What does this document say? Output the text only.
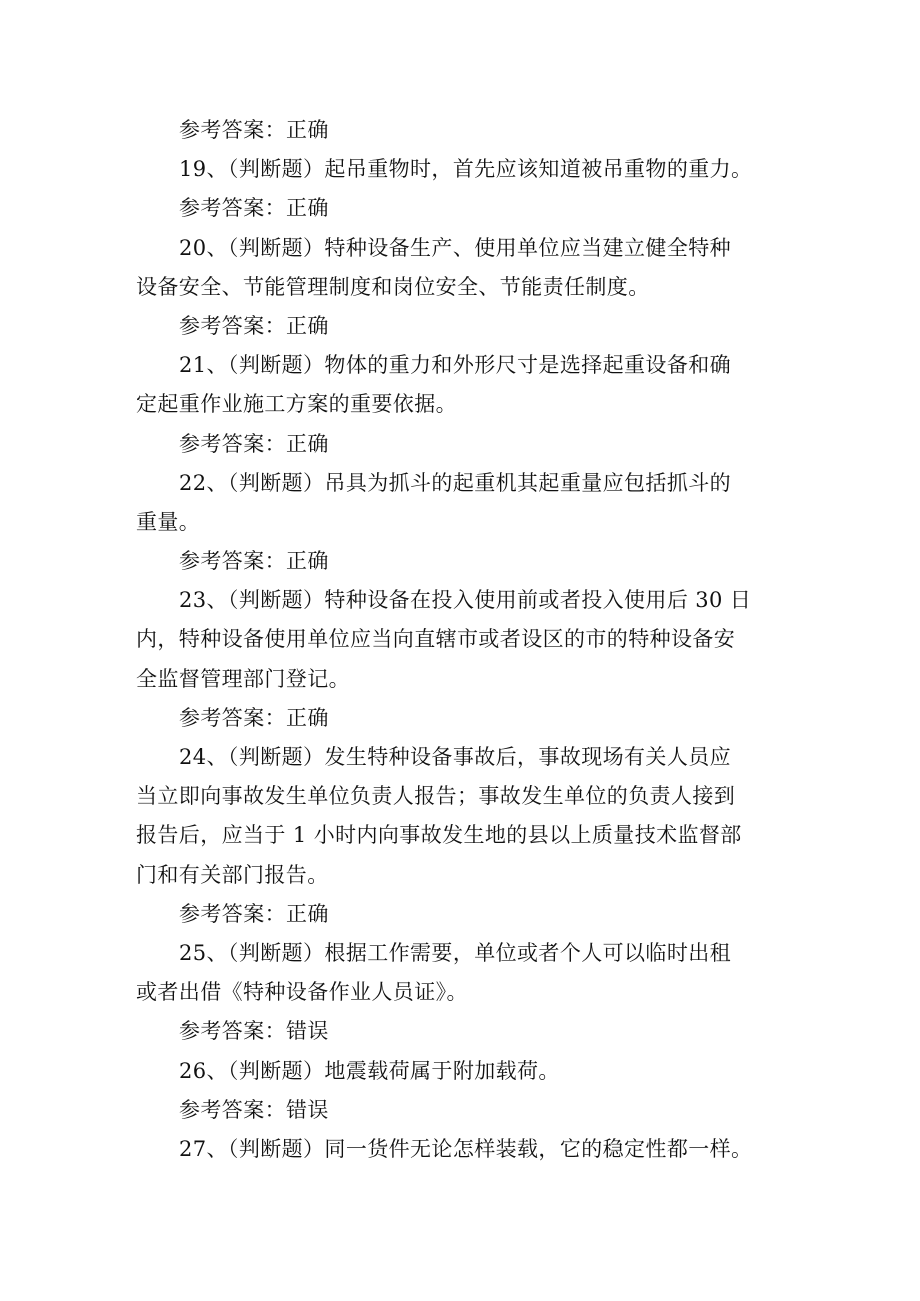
参考答案：正确
19、（判断题）起吊重物时，首先应该知道被吊重物的重力。
参考答案：正确
20、（判断题）特种设备生产、使用单位应当建立健全特种
设备安全、节能管理制度和岗位安全、节能责任制度。
参考答案：正确
21、（判断题）物体的重力和外形尺寸是选择起重设备和确
定起重作业施工方案的重要依据。
参考答案：正确
22、（判断题）吊具为抓斗的起重机其起重量应包括抓斗的
重量。
参考答案：正确
23、（判断题）特种设备在投入使用前或者投入使用后 30 日
内，特种设备使用单位应当向直辖市或者设区的市的特种设备安
全监督管理部门登记。
参考答案：正确
24、（判断题）发生特种设备事故后，事故现场有关人员应
当立即向事故发生单位负责人报告；事故发生单位的负责人接到
报告后，应当于 1 小时内向事故发生地的县以上质量技术监督部
门和有关部门报告。
参考答案：正确
25、（判断题）根据工作需要，单位或者个人可以临时出租
或者出借《特种设备作业人员证》。
参考答案：错误
26、（判断题）地震载荷属于附加载荷。
参考答案：错误
27、（判断题）同一货件无论怎样装载，它的稳定性都一样。
